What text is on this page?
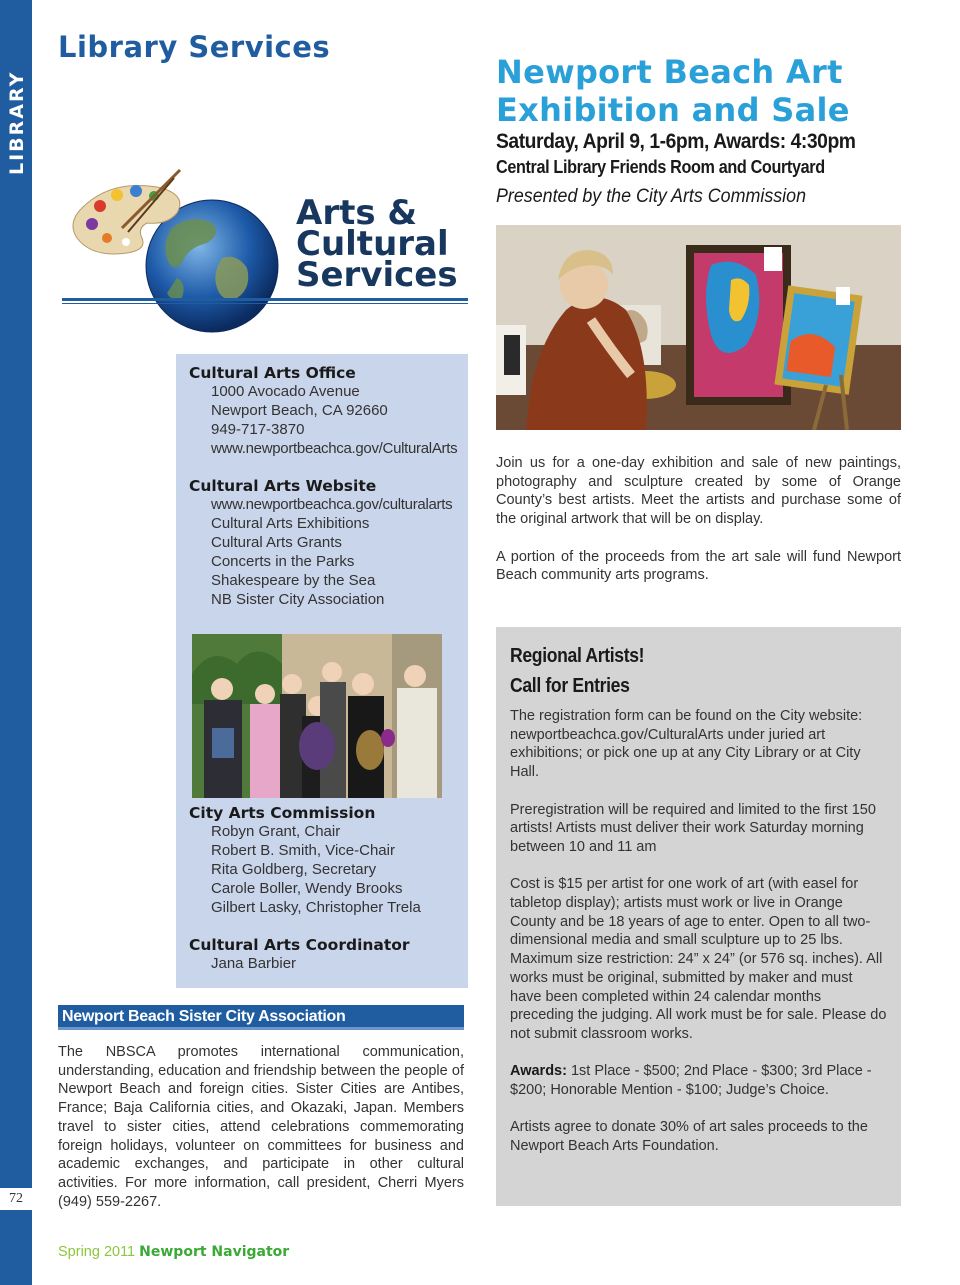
LIBRARY
72
Library Services
Arts &
Cultural
Services
Cultural Arts Office
1000 Avocado Avenue
Newport Beach, CA 92660
949-717-3870
www.newportbeachca.gov/CulturalArts
Cultural Arts Website
www.newportbeachca.gov/culturalarts
Cultural Arts Exhibitions
Cultural Arts Grants
Concerts in the Parks
Shakespeare by the Sea
NB Sister City Association
City Arts Commission
Robyn Grant, Chair
Robert B. Smith, Vice-Chair
Rita Goldberg, Secretary
Carole Boller, Wendy Brooks
Gilbert Lasky, Christopher Trela
Cultural Arts Coordinator
Jana Barbier
Newport Beach Sister City Association
The NBSCA promotes international communication, understanding, education and friendship between the people of Newport Beach and foreign cities. Sister Cities are Antibes, France; Baja California cities, and Okazaki, Japan. Members travel to sister cities, attend celebrations commemorating foreign holidays, volunteer on committees for business and academic exchanges, and participate in other cultural activities. For more information, call president, Cherri Myers (949) 559-2267.
Spring 2011 Newport Navigator
Newport Beach Art
Exhibition and Sale
Saturday, April 9, 1-6pm, Awards: 4:30pm
Central Library Friends Room and Courtyard
Presented by the City Arts Commission

Join us for a one-day exhibition and sale of new paintings, photography and sculpture created by some of Orange County’s best artists. Meet the artists and purchase some of the original artwork that will be on display.

A portion of the proceeds from the art sale will fund Newport Beach community arts programs.

Regional Artists!
Call for Entries

The registration form can be found on the City website: newportbeachca.gov/CulturalArts under juried art exhibitions; or pick one up at any City Library or at City Hall.

Preregistration will be required and limited to the first 150 artists! Artists must deliver their work Saturday morning between 10 and 11 am

Cost is $15 per artist for one work of art (with easel for tabletop display); artists must work or live in Orange County and be 18 years of age to enter. Open to all two-dimensional media and small sculpture up to 25 lbs. Maximum size restriction: 24” x 24” (or 576 sq. inches). All works must be original, submitted by maker and must have been completed within 24 calendar months preceding the judging. All work must be for sale. Please do not submit classroom works.

Awards: 1st Place - $500; 2nd Place - $300; 3rd Place - $200; Honorable Mention - $100; Judge’s Choice.

Artists agree to donate 30% of art sales proceeds to the Newport Beach Arts Foundation.
